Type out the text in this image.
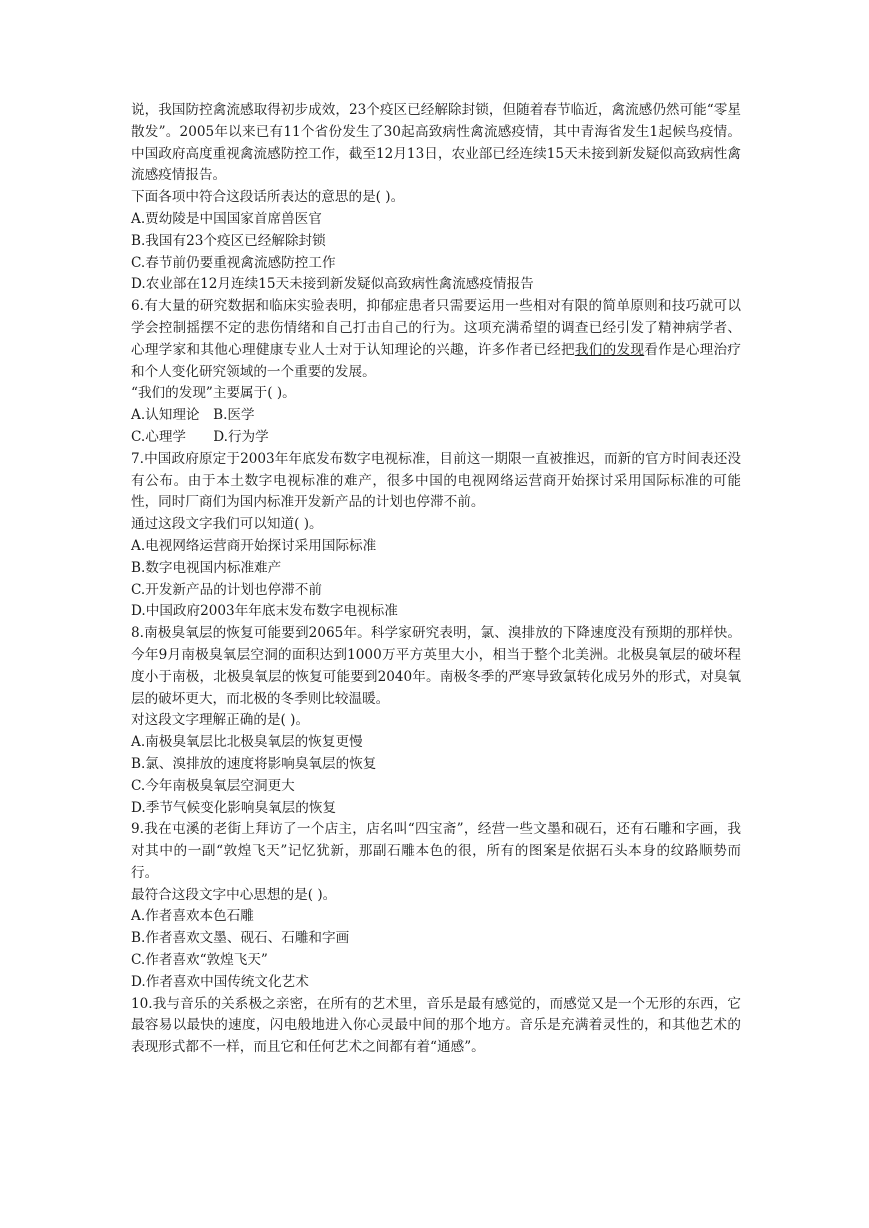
说，我国防控禽流感取得初步成效，23个疫区已经解除封锁，但随着春节临近，禽流感仍然可能“零星散发”。2005年以来已有11个省份发生了30起高致病性禽流感疫情，其中青海省发生1起候鸟疫情。中国政府高度重视禽流感防控工作，截至12月13日，农业部已经连续15天未接到新发疑似高致病性禽流感疫情报告。

下面各项中符合这段话所表达的意思的是( )。

A.贾幼陵是中国国家首席兽医官

B.我国有23个疫区已经解除封锁

C.春节前仍要重视禽流感防控工作

D.农业部在12月连续15天未接到新发疑似高致病性禽流感疫情报告

6.有大量的研究数据和临床实验表明，抑郁症患者只需要运用一些相对有限的简单原则和技巧就可以学会控制摇摆不定的悲伤情绪和自己打击自己的行为。这项充满希望的调查已经引发了精神病学者、心理学家和其他心理健康专业人士对于认知理论的兴趣，许多作者已经把我们的发现看作是心理治疗和个人变化研究领域的一个重要的发展。

“我们的发现”主要属于( )。

A.认知理论　B.医学

C.心理学　　D.行为学

7.中国政府原定于2003年年底发布数字电视标准，目前这一期限一直被推迟，而新的官方时间表还没有公布。由于本土数字电视标准的难产，很多中国的电视网络运营商开始探讨采用国际标准的可能性，同时厂商们为国内标准开发新产品的计划也停滞不前。

通过这段文字我们可以知道( )。

A.电视网络运营商开始探讨采用国际标准

B.数字电视国内标准难产

C.开发新产品的计划也停滞不前

D.中国政府2003年年底末发布数字电视标准

8.南极臭氧层的恢复可能要到2065年。科学家研究表明，氯、溴排放的下降速度没有预期的那样快。今年9月南极臭氧层空洞的面积达到1000万平方英里大小，相当于整个北美洲。北极臭氧层的破坏程度小于南极，北极臭氧层的恢复可能要到2040年。南极冬季的严寒导致氯转化成另外的形式，对臭氧层的破坏更大，而北极的冬季则比较温暖。

对这段文字理解正确的是( )。

A.南极臭氧层比北极臭氧层的恢复更慢

B.氯、溴排放的速度将影响臭氧层的恢复

C.今年南极臭氧层空洞更大

D.季节气候变化影响臭氧层的恢复

9.我在屯溪的老街上拜访了一个店主，店名叫“四宝斋”，经营一些文墨和砚石，还有石雕和字画，我对其中的一副“敦煌飞天”记忆犹新，那副石雕本色的很，所有的图案是依据石头本身的纹路顺势而行。

最符合这段文字中心思想的是( )。

A.作者喜欢本色石雕

B.作者喜欢文墨、砚石、石雕和字画

C.作者喜欢“敦煌飞天”

D.作者喜欢中国传统文化艺术

10.我与音乐的关系极之亲密，在所有的艺术里，音乐是最有感觉的，而感觉又是一个无形的东西，它最容易以最快的速度，闪电般地进入你心灵最中间的那个地方。音乐是充满着灵性的，和其他艺术的表现形式都不一样，而且它和任何艺术之间都有着“通感”。
